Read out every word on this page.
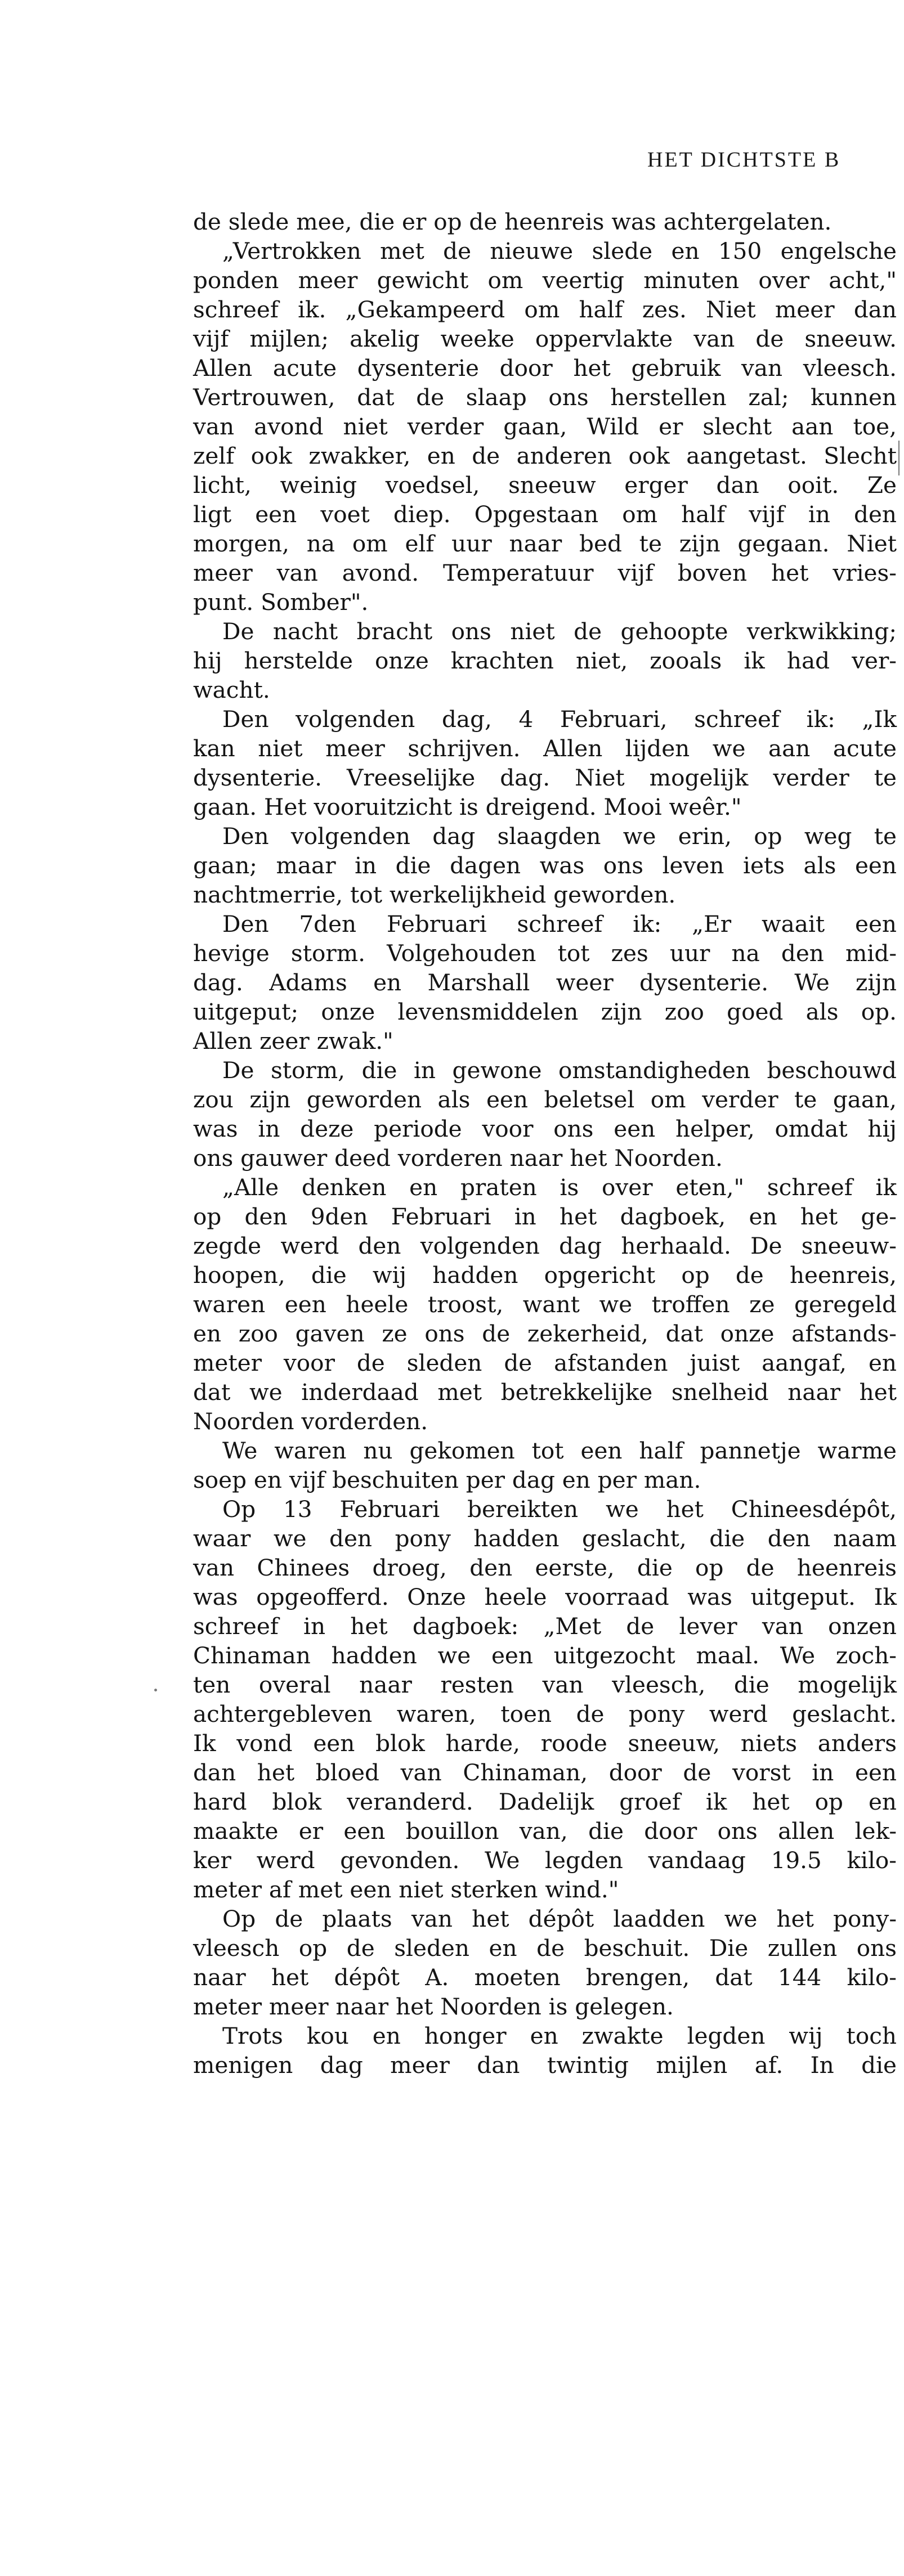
HET DICHTSTE B

de slede mee, die er op de heenreis was achtergelaten.

„Vertrokken met de nieuwe slede en 150 engelsche
ponden meer gewicht om veertig minuten over acht,"
schreef ik. „Gekampeerd om half zes. Niet meer dan
vijf mijlen; akelig weeke oppervlakte van de sneeuw.
Allen acute dysenterie door het gebruik van vleesch.
Vertrouwen, dat de slaap ons herstellen zal; kunnen
van avond niet verder gaan, Wild er slecht aan toe,
zelf ook zwakker, en de anderen ook aangetast. Slecht
licht, weinig voedsel, sneeuw erger dan ooit. Ze
ligt een voet diep. Opgestaan om half vijf in den
morgen, na om elf uur naar bed te zijn gegaan. Niet
meer van avond. Temperatuur vijf boven het vries-
punt. Somber".

De nacht bracht ons niet de gehoopte verkwikking;
hij herstelde onze krachten niet, zooals ik had ver-
wacht.

Den volgenden dag, 4 Februari, schreef ik: „Ik
kan niet meer schrijven. Allen lijden we aan acute
dysenterie. Vreeselijke dag. Niet mogelijk verder te
gaan. Het vooruitzicht is dreigend. Mooi weêr."

Den volgenden dag slaagden we erin, op weg te
gaan; maar in die dagen was ons leven iets als een
nachtmerrie, tot werkelijkheid geworden.

Den 7den Februari schreef ik: „Er waait een
hevige storm. Volgehouden tot zes uur na den mid-
dag. Adams en Marshall weer dysenterie. We zijn
uitgeput; onze levensmiddelen zijn zoo goed als op.
Allen zeer zwak."

De storm, die in gewone omstandigheden beschouwd
zou zijn geworden als een beletsel om verder te gaan,
was in deze periode voor ons een helper, omdat hij
ons gauwer deed vorderen naar het Noorden.

„Alle denken en praten is over eten," schreef ik
op den 9den Februari in het dagboek, en het ge-
zegde werd den volgenden dag herhaald. De sneeuw-
hoopen, die wij hadden opgericht op de heenreis,
waren een heele troost, want we troffen ze geregeld
en zoo gaven ze ons de zekerheid, dat onze afstands-
meter voor de sleden de afstanden juist aangaf, en
dat we inderdaad met betrekkelijke snelheid naar het
Noorden vorderden.

We waren nu gekomen tot een half pannetje warme
soep en vijf beschuiten per dag en per man.

Op 13 Februari bereikten we het Chineesdépôt,
waar we den pony hadden geslacht, die den naam
van Chinees droeg, den eerste, die op de heenreis
was opgeofferd. Onze heele voorraad was uitgeput. Ik
schreef in het dagboek: „Met de lever van onzen
Chinaman hadden we een uitgezocht maal. We zoch-
ten overal naar resten van vleesch, die mogelijk
achtergebleven waren, toen de pony werd geslacht.
Ik vond een blok harde, roode sneeuw, niets anders
dan het bloed van Chinaman, door de vorst in een
hard blok veranderd. Dadelijk groef ik het op en
maakte er een bouillon van, die door ons allen lek-
ker werd gevonden. We legden vandaag 19.5 kilo-
meter af met een niet sterken wind."

Op de plaats van het dépôt laadden we het pony-
vleesch op de sleden en de beschuit. Die zullen ons
naar het dépôt A. moeten brengen, dat 144 kilo-
meter meer naar het Noorden is gelegen.

Trots kou en honger en zwakte legden wij toch
menigen dag meer dan twintig mijlen af. In die
